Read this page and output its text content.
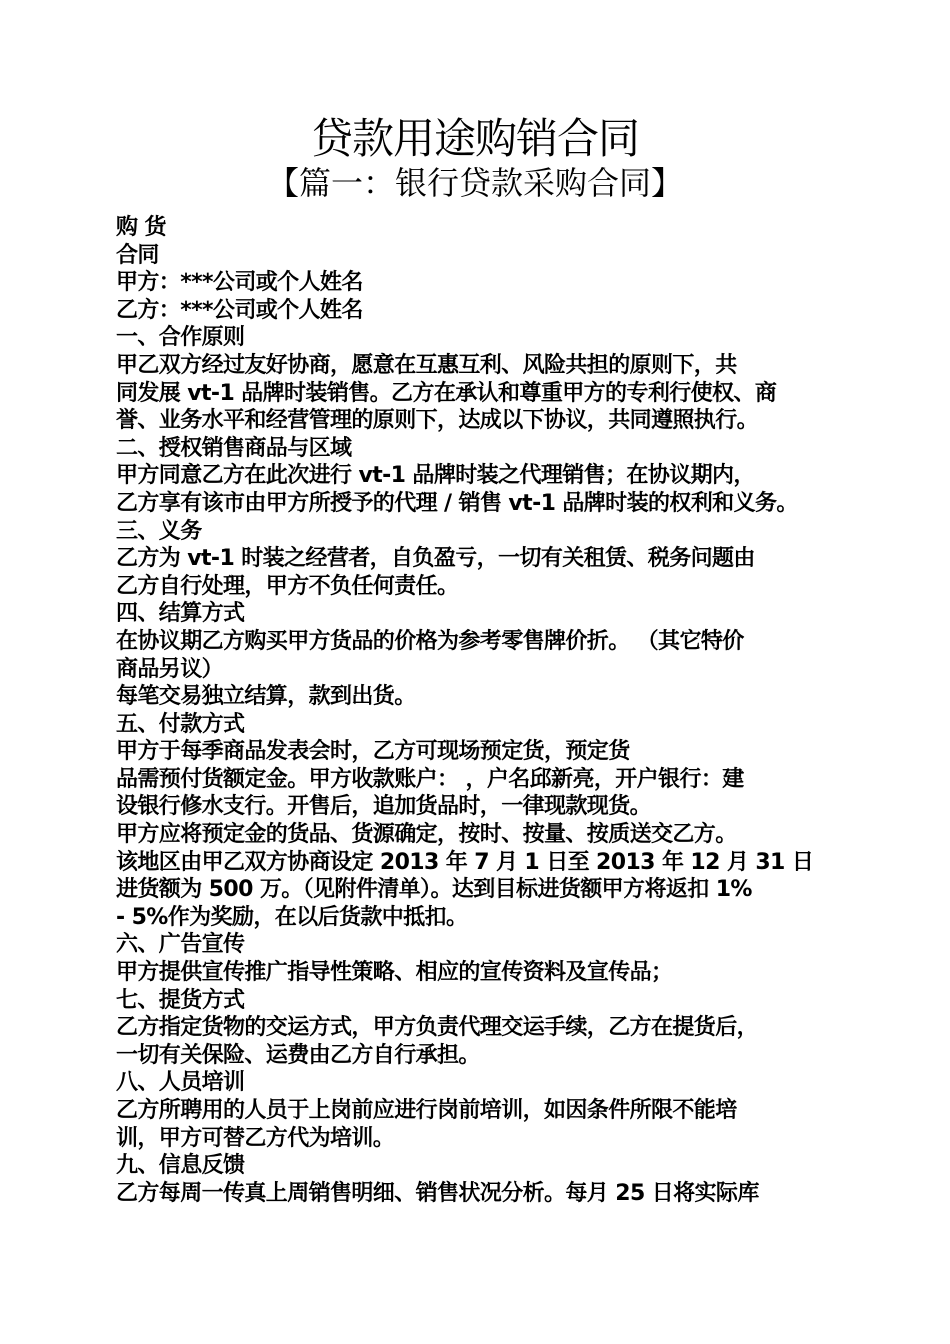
贷款用途购销合同
【篇一：银行贷款采购合同】
购 货
合同
甲方：***公司或个人姓名
乙方：***公司或个人姓名
一、合作原则
甲乙双方经过友好协商，愿意在互惠互利、风险共担的原则下，共
同发展 vt-1 品牌时装销售。乙方在承认和尊重甲方的专利行使权、商
誉、业务水平和经营管理的原则下，达成以下协议，共同遵照执行。
二、授权销售商品与区域
甲方同意乙方在此次进行 vt-1 品牌时装之代理销售；在协议期内，
乙方享有该市由甲方所授予的代理 / 销售 vt-1 品牌时装的权利和义务。
三、义务
乙方为 vt-1 时装之经营者，自负盈亏，一切有关租赁、税务问题由
乙方自行处理，甲方不负任何责任。
四、结算方式
在协议期乙方购买甲方货品的价格为参考零售牌价折。 （其它特价
商品另议）
每笔交易独立结算，款到出货。
五、付款方式
甲方于每季商品发表会时，乙方可现场预定货，预定货
品需预付货额定金。甲方收款账户： ，户名邱新亮，开户银行：建
设银行修水支行。开售后，追加货品时，一律现款现货。
甲方应将预定金的货品、货源确定，按时、按量、按质送交乙方。
该地区由甲乙双方协商设定 2013 年 7 月 1 日至 2013 年 12 月 31 日
进货额为 500 万。（见附件清单）。达到目标进货额甲方将返扣 1%
- 5%作为奖励，在以后货款中抵扣。
六、广告宣传
甲方提供宣传推广指导性策略、相应的宣传资料及宣传品；
七、提货方式
乙方指定货物的交运方式，甲方负责代理交运手续，乙方在提货后，
一切有关保险、运费由乙方自行承担。
八、人员培训
乙方所聘用的人员于上岗前应进行岗前培训，如因条件所限不能培
训，甲方可替乙方代为培训。
九、信息反馈
乙方每周一传真上周销售明细、销售状况分析。每月 25 日将实际库
